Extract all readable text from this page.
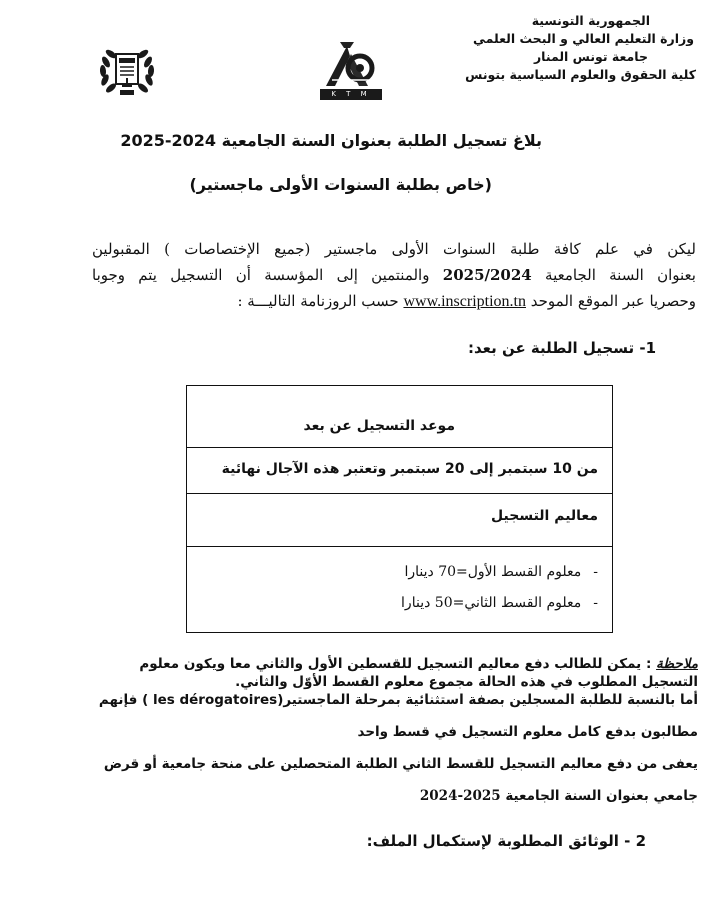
الجمهورية التونسية
وزارة التعليم العالي و البحث العلمي
جامعة تونس المنار
كلية الحقوق والعلوم السياسية بتونس
K T M
بلاغ تسجيل الطلبة بعنوان السنة الجامعية 2024-2025
(خاص بطلبة السنوات الأولى ماجستير)
ليكن في علم كافة طلبة السنوات الأولى ماجستير (جميع الإختصاصات ) المقبولين
بعنوان السنة الجامعية 2025/2024 والمنتمين إلى المؤسسة أن التسجيل يتم وجوبا
وحصريا عبر الموقع الموحد www.inscription.tn حسب الروزنامة التاليـــة :
1- تسجيل الطلبة عن بعد:
موعد التسجيل عن بعد
من 10 سبتمبر إلى 20 سبتمبر وتعتبر هذه الآجال نهائية
معاليم التسجيل
-معلوم القسط الأول=70 دينارا
-معلوم القسط الثاني=50 دينارا
ملاحظة : يمكن للطالب دفع معاليم التسجيل للقسطين الأول والثاني معا ويكون معلوم
التسجيل المطلوب في هذه الحالة مجموع معلوم القسط الأوّل والثاني.
أما بالنسبة للطلبة المسجلين بصفة استثنائية بمرحلة الماجستير( les dérogatoires) فإنهم
مطالبون بدفع كامل معلوم التسجيل في قسط واحد
يعفى من دفع معاليم التسجيل للقسط الثاني الطلبة المتحصلين على منحة جامعية أو قرض
جامعي بعنوان السنة الجامعية 2024-2025
2 - الوثائق المطلوبة لإستكمال الملف:
